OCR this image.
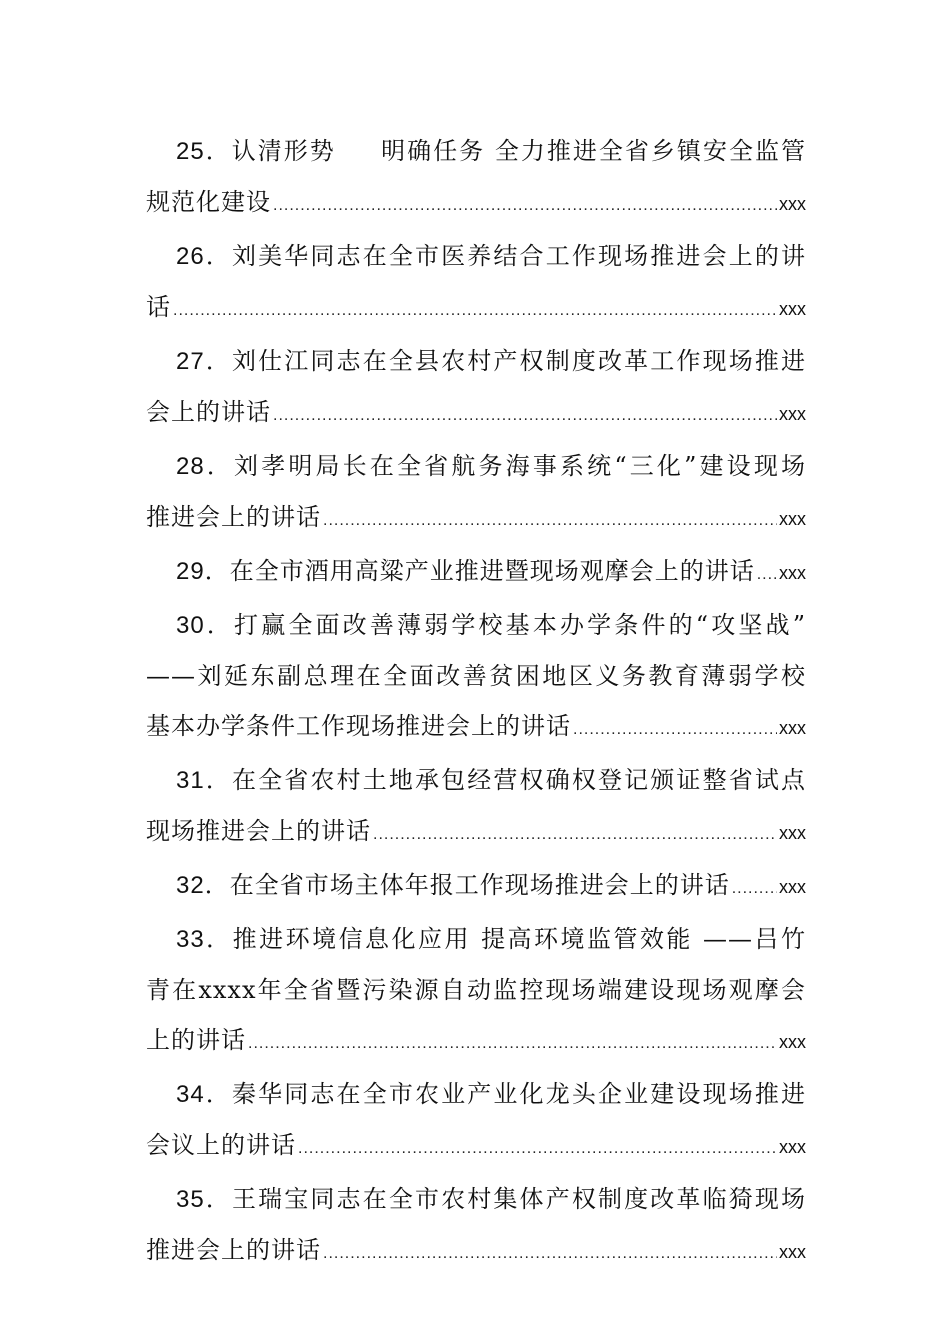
25．认清形势 　 明确任务 全力推进全省乡镇安全监管
规范化建设 .....	xxx
26．刘美华同志在全市医养结合工作现场推进会上的讲
话 .....	xxx
27．刘仕江同志在全县农村产权制度改革工作现场推进
会上的讲话 .....	xxx
28．刘孝明局长在全省航务海事系统“三化”建设现场
推进会上的讲话 .....	xxx
29． 在全市酒用高粱产业推进暨现场观摩会上的讲话 ..... xxx
30．打赢全面改善薄弱学校基本办学条件的“攻坚战”
——刘延东副总理在全面改善贫困地区义务教育薄弱学校
基本办学条件工作现场推进会上的讲话 .....	xxx
31．在全省农村土地承包经营权确权登记颁证整省试点
现场推进会上的讲话 .....	xxx
32． 在全省市场主体年报工作现场推进会上的讲话 .....	xxx
33．推进环境信息化应用 提高环境监管效能 ——吕竹
青在xxxx年全省暨污染源自动监控现场端建设现场观摩会
上的讲话 .....	xxx
34．秦华同志在全市农业产业化龙头企业建设现场推进
会议上的讲话 .....	xxx
35．王瑞宝同志在全市农村集体产权制度改革临猗现场
推进会上的讲话 .....	xxx
